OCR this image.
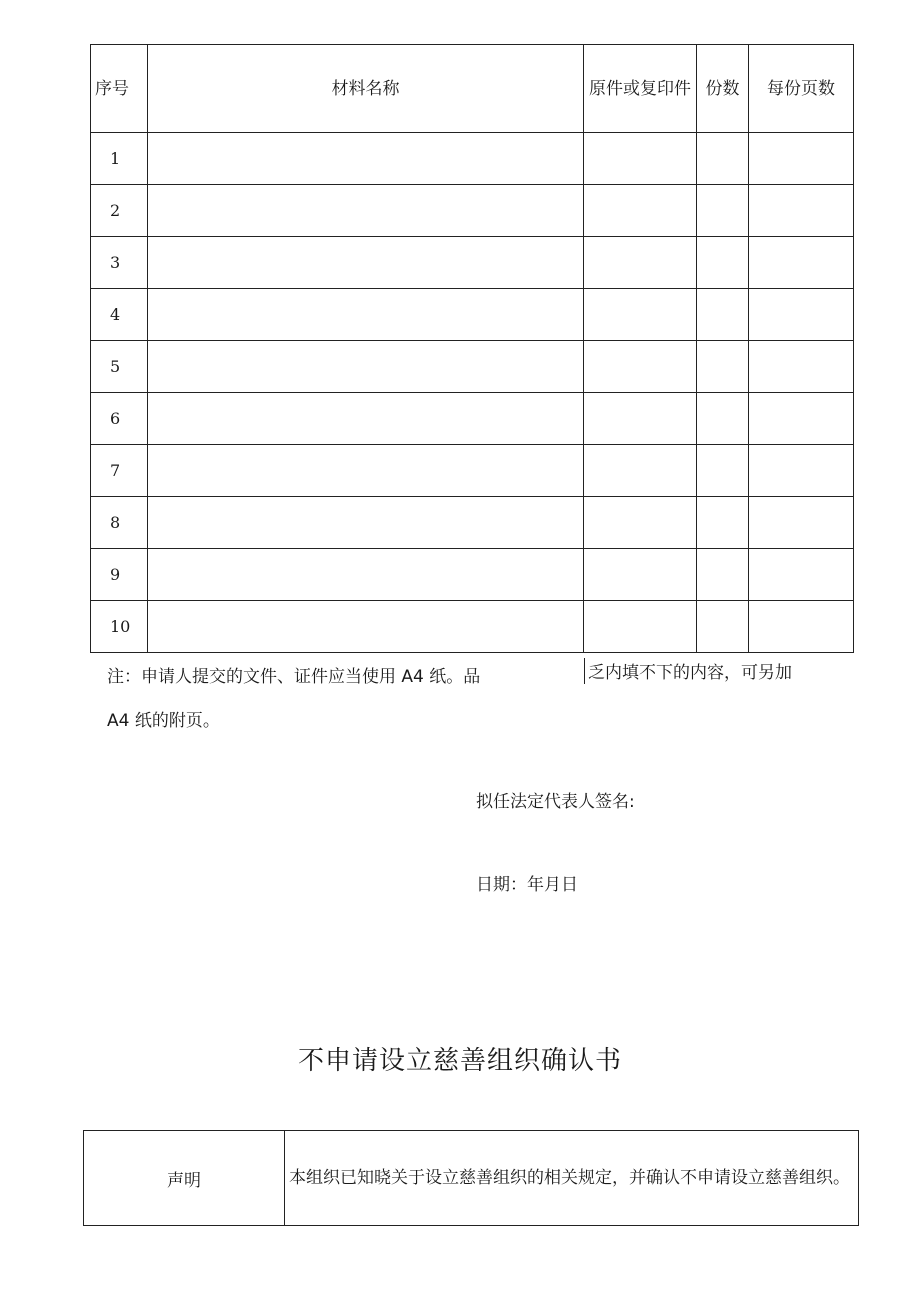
序号	材料名称	原件或复印件	份数	每份页数
1				
2				
3				
4				
5				
6				
7				
8				
9				
10				
注：申请人提交的文件、证件应当使用 A4 纸。品	乏内填不下的内容，可另加
A4 纸的附页。
拟任法定代表人签名:
日期：年月日
不申请设立慈善组织确认书
声明	本组织已知晓关于设立慈善组织的相关规定，并确认不申请设立慈善组织。
